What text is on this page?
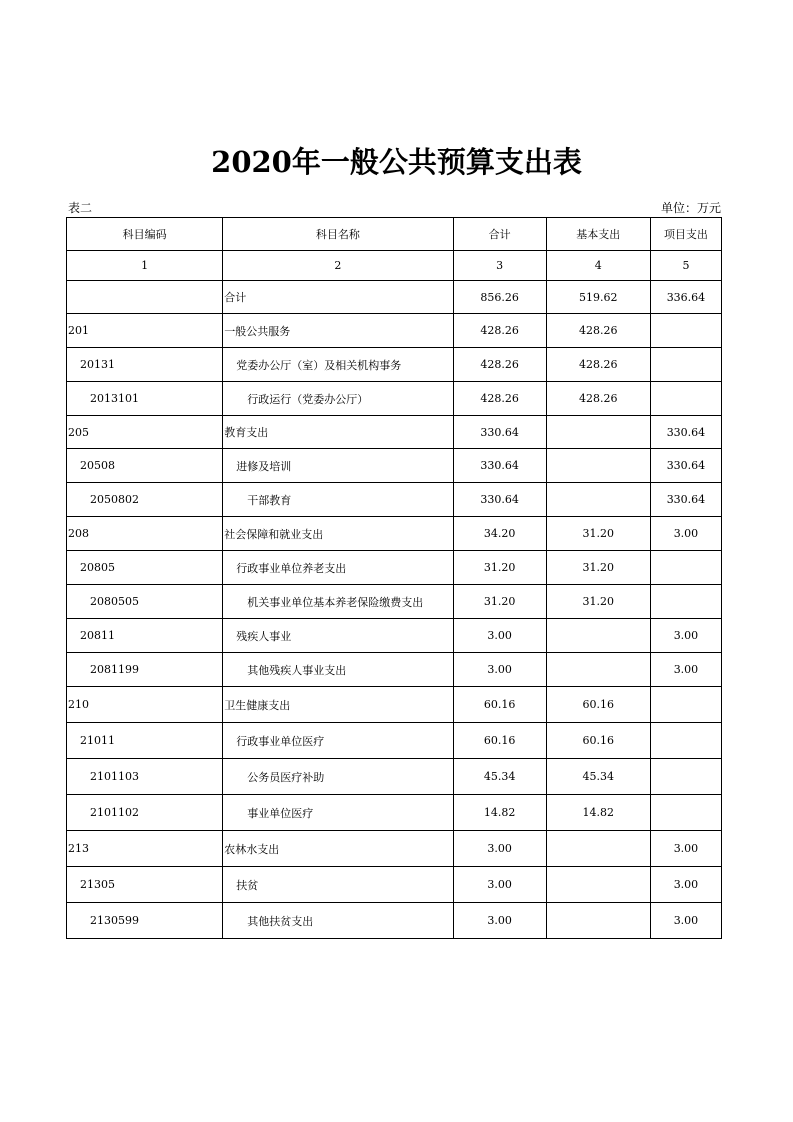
2020年一般公共预算支出表
表二	单位：万元
科目编码	科目名称	合计	基本支出	项目支出
1	2	3	4	5
	合计	856.26	519.62	336.64
201	一般公共服务	428.26	428.26	
20131	党委办公厅（室）及相关机构事务	428.26	428.26	
2013101	行政运行（党委办公厅）	428.26	428.26	
205	教育支出	330.64		330.64
20508	进修及培训	330.64		330.64
2050802	干部教育	330.64		330.64
208	社会保障和就业支出	34.20	31.20	3.00
20805	行政事业单位养老支出	31.20	31.20	
2080505	机关事业单位基本养老保险缴费支出	31.20	31.20	
20811	残疾人事业	3.00		3.00
2081199	其他残疾人事业支出	3.00		3.00
210	卫生健康支出	60.16	60.16	
21011	行政事业单位医疗	60.16	60.16	
2101103	公务员医疗补助	45.34	45.34	
2101102	事业单位医疗	14.82	14.82	
213	农林水支出	3.00		3.00
21305	扶贫	3.00		3.00
2130599	其他扶贫支出	3.00		3.00
